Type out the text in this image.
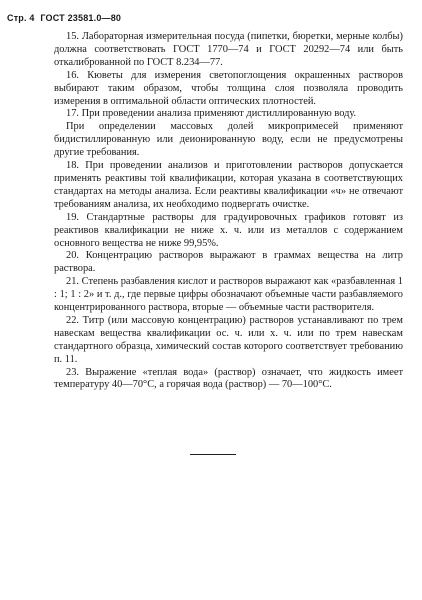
Стр. 4 ГОСТ 23581.0—80

15. Лабораторная измерительная посуда (пипетки, бюретки, мерные колбы) должна соответствовать ГОСТ 1770—74 и ГОСТ 20292—74 или быть откалиброванной по ГОСТ 8.234—77.

16. Кюветы для измерения светопоглощения окрашенных растворов выбирают таким образом, чтобы толщина слоя позволяла проводить измерения в оптимальной области оптических плотностей.

17. При проведении анализа применяют дистиллированную воду.

При определении массовых долей микропримесей применяют бидистиллированную или деионированную воду, если не предусмотрены другие требования.

18. При проведении анализов и приготовлении растворов допускается применять реактивы той квалификации, которая указана в соответствующих стандартах на методы анализа. Если реактивы квалификации «ч» не отвечают требованиям анализа, их необходимо подвергать очистке.

19. Стандартные растворы для градуировочных графиков готовят из реактивов квалификации не ниже х. ч. или из металлов с содержанием основного вещества не ниже 99,95%.

20. Концентрацию растворов выражают в граммах вещества на литр раствора.

21. Степень разбавления кислот и растворов выражают как «разбавленная 1 : 1; 1 : 2» и т. д., где первые цифры обозначают объемные части разбавляемого концентрированного раствора, вторые — объемные части растворителя.

22. Титр (или массовую концентрацию) растворов устанавливают по трем навескам вещества квалификации ос. ч. или х. ч. или по трем навескам стандартного образца, химический состав которого соответствует требованию п. 11.

23. Выражение «теплая вода» (раствор) означает, что жидкость имеет температуру 40—70°С, а горячая вода (раствор) — 70—100°С.
